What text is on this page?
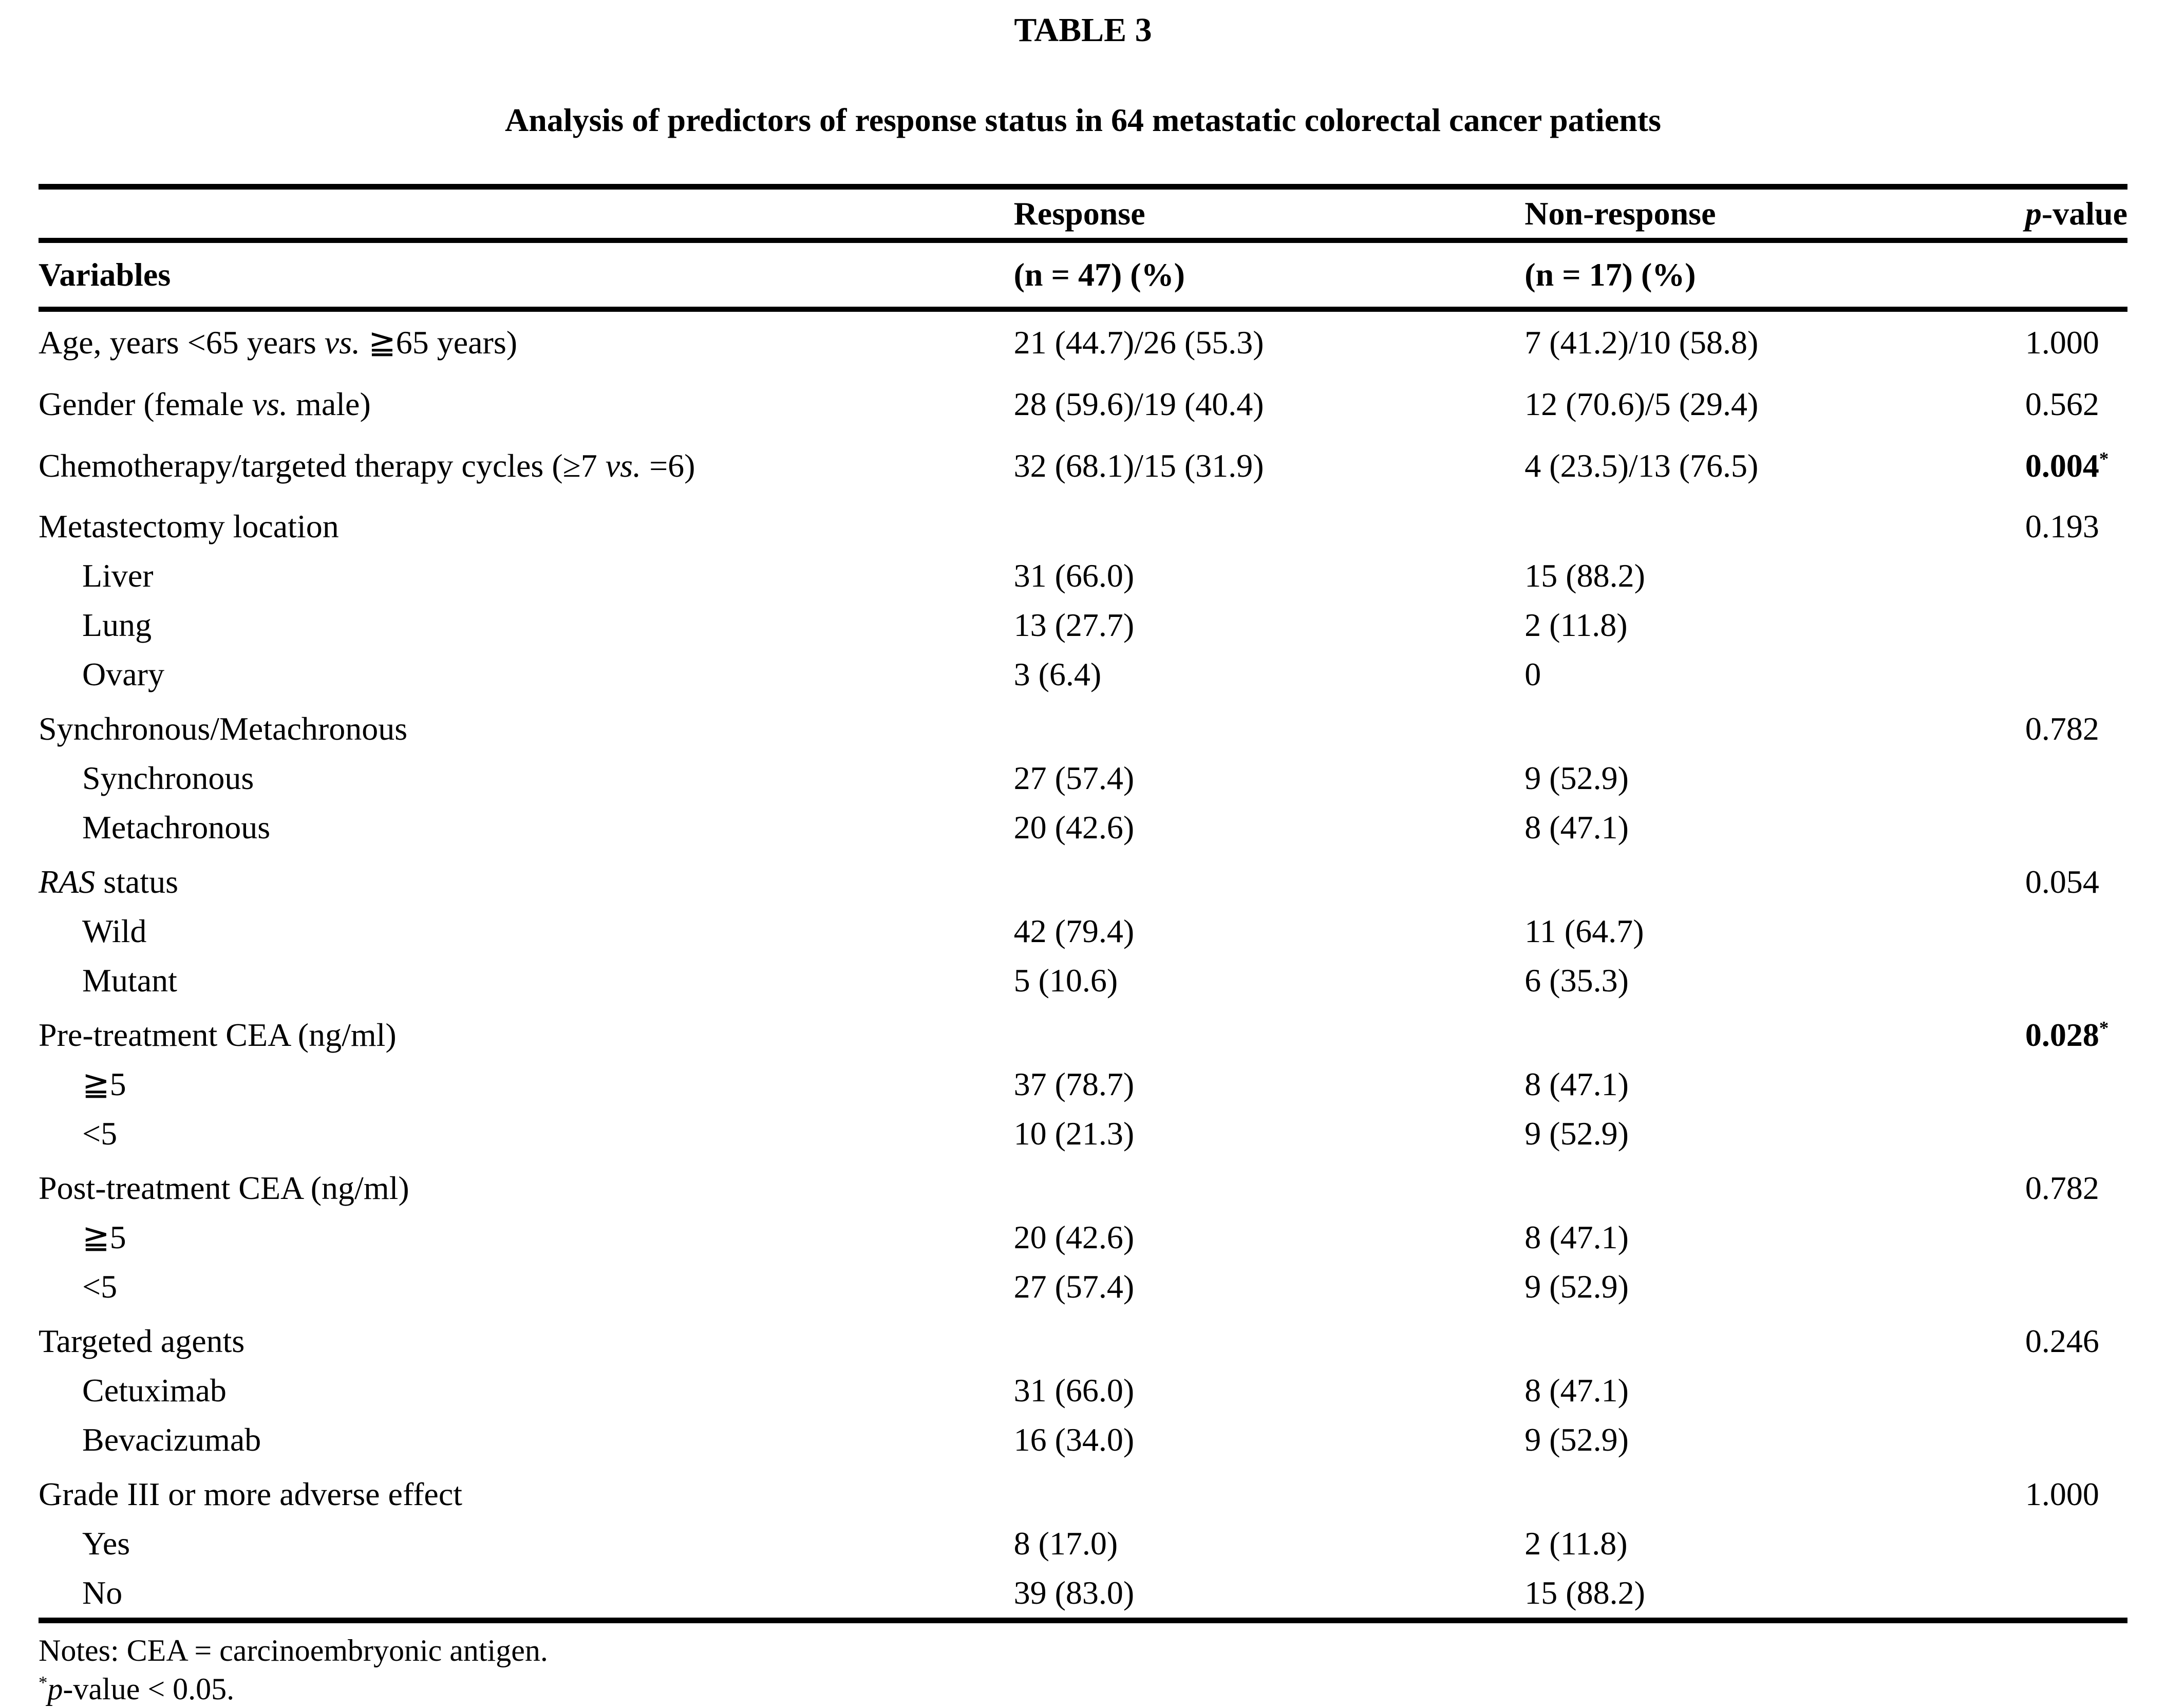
TABLE 3
Analysis of predictors of response status in 64 metastatic colorectal cancer patients
	Response	Non-response	p-value
Variables	(n = 47) (%)	(n = 17) (%)	
Age, years <65 years vs. ≧65 years)	21 (44.7)/26 (55.3)	7 (41.2)/10 (58.8)	1.000
Gender (female vs. male)	28 (59.6)/19 (40.4)	12 (70.6)/5 (29.4)	0.562
Chemotherapy/targeted therapy cycles (≥7 vs. =6)	32 (68.1)/15 (31.9)	4 (23.5)/13 (76.5)	0.004*
Metastectomy location			0.193
Liver	31 (66.0)	15 (88.2)	
Lung	13 (27.7)	2 (11.8)	
Ovary	3 (6.4)	0	
Synchronous/Metachronous			0.782
Synchronous	27 (57.4)	9 (52.9)	
Metachronous	20 (42.6)	8 (47.1)	
RAS status			0.054
Wild	42 (79.4)	11 (64.7)	
Mutant	5 (10.6)	6 (35.3)	
Pre-treatment CEA (ng/ml)			0.028*
≧5	37 (78.7)	8 (47.1)	
<5	10 (21.3)	9 (52.9)	
Post-treatment CEA (ng/ml)			0.782
≧5	20 (42.6)	8 (47.1)	
<5	27 (57.4)	9 (52.9)	
Targeted agents			0.246
Cetuximab	31 (66.0)	8 (47.1)	
Bevacizumab	16 (34.0)	9 (52.9)	
Grade III or more adverse effect			1.000
Yes	8 (17.0)	2 (11.8)	
No	39 (83.0)	15 (88.2)	
Notes: CEA = carcinoembryonic antigen.
*p-value < 0.05.
